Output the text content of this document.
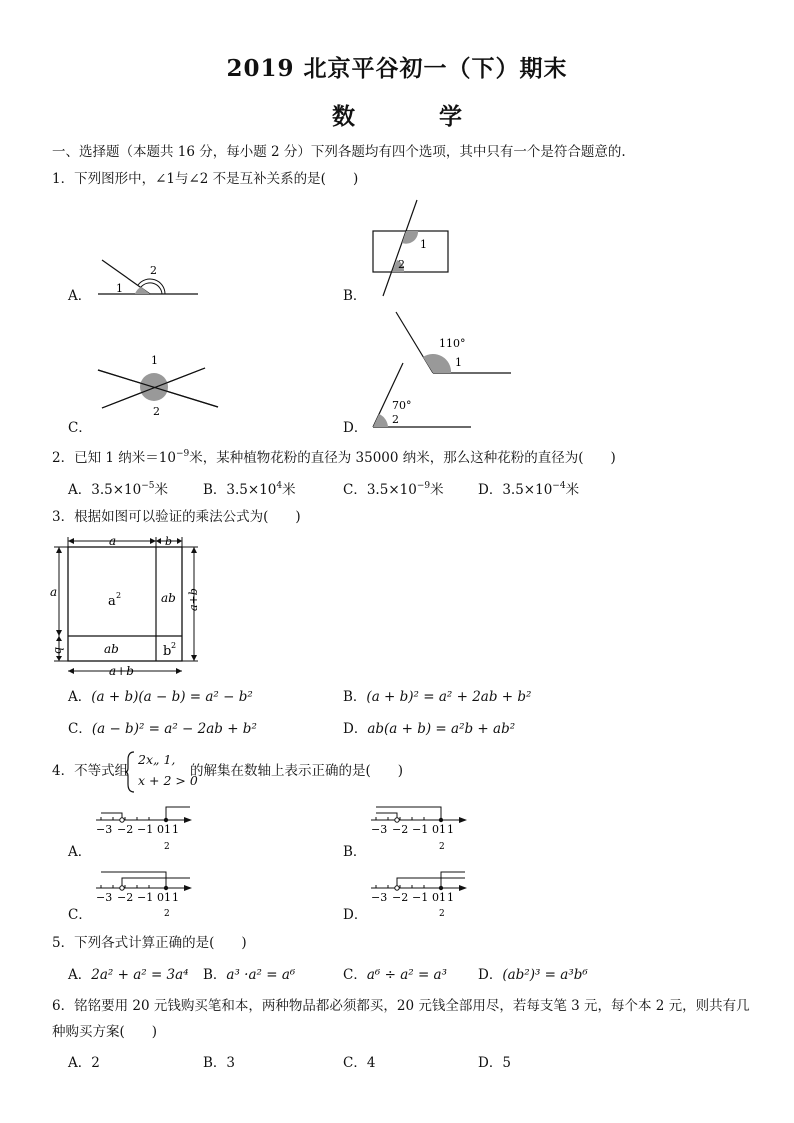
2019 北京平谷初一（下）期末
数 学
一、选择题（本题共 16 分，每小题 2 分）下列各题均有四个选项，其中只有一个是符合题意的.
1．下列图形中，∠1与∠2 不是互补关系的是(　　)
A． 1
2
B．
1
2
C．
1
2
D．
110°
1
70°
2
2．已知 1 纳米$=10^{-9}$米，某种植物花粉的直径为 35000 纳米，那么这种花粉的直径为(　　)
A．$3.5\times 10^{-5}$米	B．$3.5\times 10^4$米	C．$3.5\times 10^{-9}$米	D．$3.5\times 10^{-4}$米
3．根据如图可以验证的乘法公式为(　　)
a	b
a
b
a+b
a+b
a 2	ab
ab	b 2
A．(a + b)(a − b) = a² − b²	B．(a + b)² = a² + 2ab + b²
C．(a − b)² = a² − 2ab + b²	D．ab(a + b) = a²b + ab²
4．不等式组
2x„ 1,
x + 2 > 0
的解集在数轴上表示正确的是(　　)
A．
−3 −2 −1 0 1 1
2	B．
−3 −2 −1 0 1 1
2
C．
−3 −2 −1 0 1 1
2	D．
−3 −2 −1 0 1 1
2
5．下列各式计算正确的是(　　)
A．2a² + a² = 3a⁴ B．a³ ·a² = a⁶	C．a⁶ ÷ a² = a³ D．(ab²)³ = a³b⁶
6．铭铭要用 20 元钱购买笔和本，两种物品都必须都买，20 元钱全部用尽，若每支笔 3 元，每个本 2 元，则共有几
种购买方案(　　)
A．2	B．3	C．4	D．5
